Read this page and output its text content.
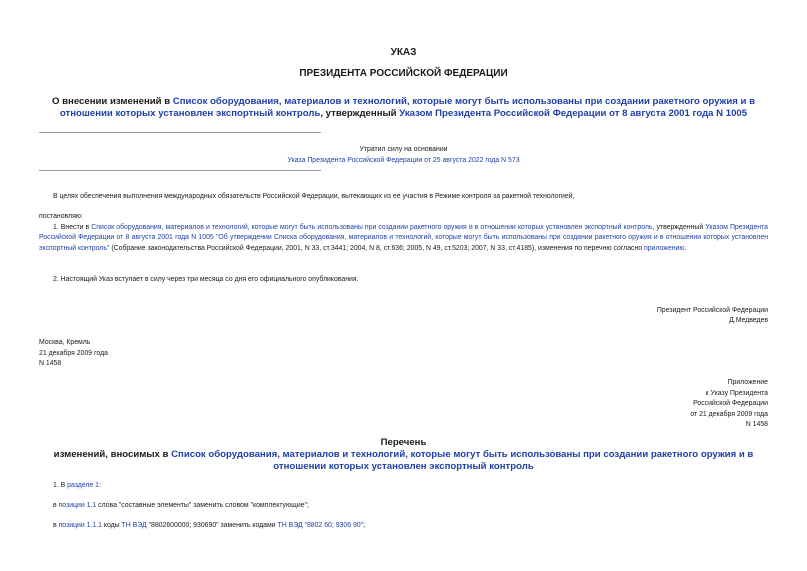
УКАЗ
ПРЕЗИДЕНТА РОССИЙСКОЙ ФЕДЕРАЦИИ
О внесении изменений в Список оборудования, материалов и технологий, которые могут быть использованы при создании ракетного оружия и в отношении которых установлен экспортный контроль, утвержденный Указом Президента Российской Федерации от 8 августа 2001 года N 1005
Утратил силу на основании
Указа Президента Российской Федерации от 25 августа 2022 года N 573
В целях обеспечения выполнения международных обязательств Российской Федерации, вытекающих из ее участия в Режиме контроля за ракетной технологией,
постановляю:
1. Внести в Список оборудования, материалов и технологий, которые могут быть использованы при создании ракетного оружия и в отношении которых установлен экспортный контроль, утвержденный Указом Президента Российской Федерации от 8 августа 2001 года N 1005 "Об утверждении Списка оборудования, материалов и технологий, которые могут быть использованы при создании ракетного оружия и в отношении которых установлен экспортный контроль" (Собрание законодательства Российской Федерации, 2001, N 33, ст.3441; 2004, N 8, ст.636; 2005, N 49, ст.5203; 2007, N 33, ст.4185), изменения по перечню согласно приложению.
2. Настоящий Указ вступает в силу через три месяца со дня его официального опубликования.
Президент Российской Федерации
Д.Медведев
Москва, Кремль
21 декабря 2009 года
N 1458
Приложение
к Указу Президента
Российской Федерации
от 21 декабря 2009 года
N 1458
Перечень
изменений, вносимых в Список оборудования, материалов и технологий, которые могут быть использованы при создании ракетного оружия и в отношении которых установлен экспортный контроль
1. В разделе 1:
в позиции 1.1 слова "составные элементы" заменить словом "комплектующие";
в позиции 1.1.1 коды ТН ВЭД "8802600000; 930690" заменить кодами ТН ВЭД "8802 60; 9306 90";
